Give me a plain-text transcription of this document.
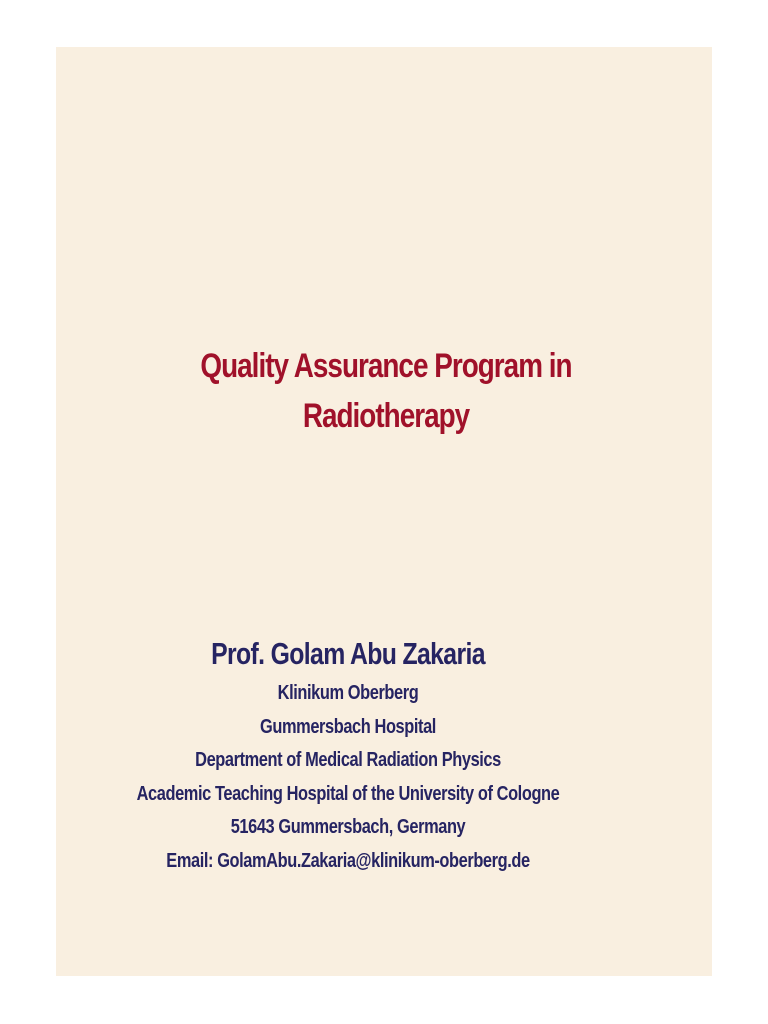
Quality Assurance Program in
Radiotherapy
Prof. Golam Abu Zakaria
Klinikum Oberberg
Gummersbach Hospital
Department of Medical Radiation Physics
Academic Teaching Hospital of the University of Cologne
51643 Gummersbach, Germany
Email: GolamAbu.Zakaria@klinikum-oberberg.de
